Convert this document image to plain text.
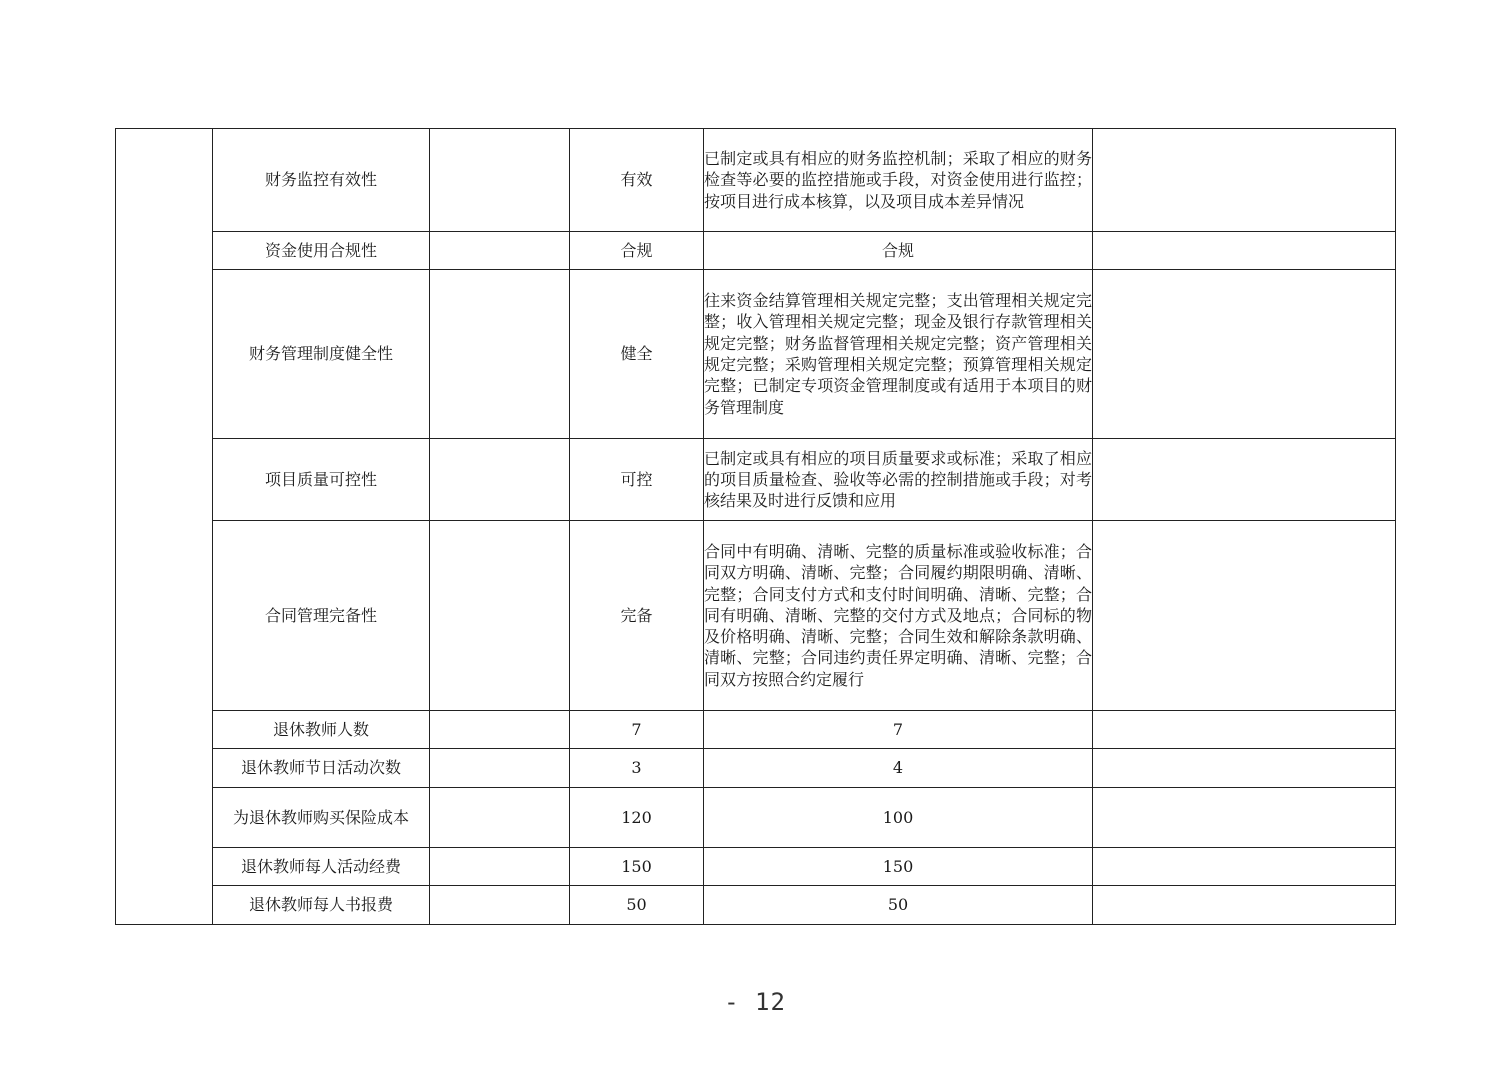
	财务监控有效性		有效	已制定或具有相应的财务监控机制；采取了相应的财务检查等必要的监控措施或手段，对资金使用进行监控；按项目进行成本核算，以及项目成本差异情况	
	资金使用合规性		合规	合规	
	财务管理制度健全性		健全	往来资金结算管理相关规定完整；支出管理相关规定完整；收入管理相关规定完整；现金及银行存款管理相关规定完整；财务监督管理相关规定完整；资产管理相关规定完整；采购管理相关规定完整；预算管理相关规定完整；已制定专项资金管理制度或有适用于本项目的财务管理制度	
	项目质量可控性		可控	已制定或具有相应的项目质量要求或标准；采取了相应的项目质量检查、验收等必需的控制措施或手段；对考核结果及时进行反馈和应用	
	合同管理完备性		完备	合同中有明确、清晰、完整的质量标准或验收标准；合同双方明确、清晰、完整；合同履约期限明确、清晰、完整；合同支付方式和支付时间明确、清晰、完整；合同有明确、清晰、完整的交付方式及地点；合同标的物及价格明确、清晰、完整；合同生效和解除条款明确、清晰、完整；合同违约责任界定明确、清晰、完整；合同双方按照合约定履行	
	退休教师人数		7	7	
	退休教师节日活动次数		3	4	
	为退休教师购买保险成本		120	100	
	退休教师每人活动经费		150	150	
	退休教师每人书报费		50	50	
- 12
